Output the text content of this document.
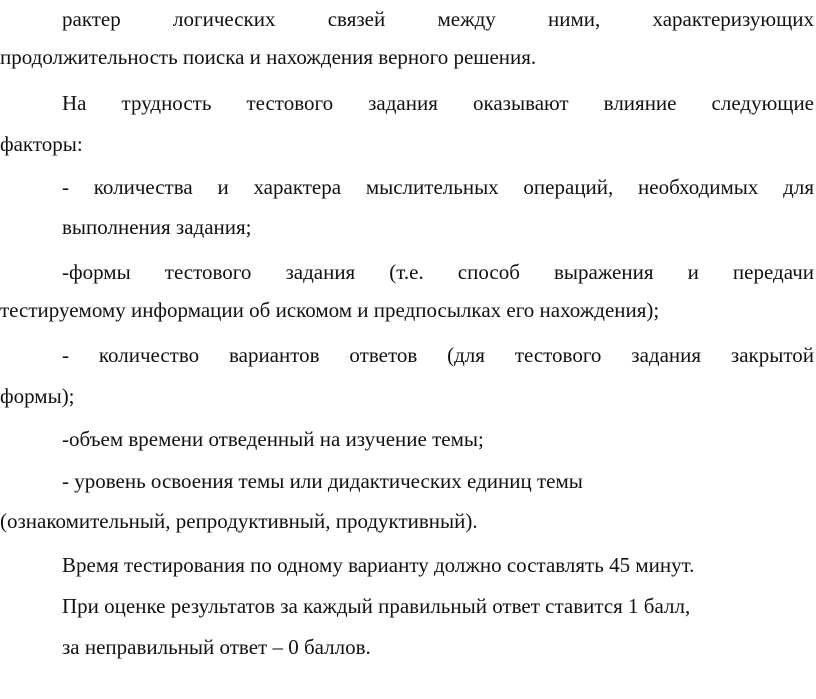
рактер логических связей между ними, характеризующих
продолжительность поиска и нахождения верного решения.
На трудность тестового задания оказывают влияние следующие
факторы:
- количества и характера мыслительных операций, необходимых для
выполнения задания;
-формы тестового задания (т.е. способ выражения и передачи
тестируемому информации об искомом и предпосылках его нахождения);
- количество вариантов ответов (для тестового задания закрытой
формы);
-объем времени отведенный на изучение темы;
- уровень освоения темы или дидактических единиц темы
(ознакомительный, репродуктивный, продуктивный).
Время тестирования по одному варианту должно составлять 45 минут.
При оценке результатов за каждый правильный ответ ставится 1 балл,
за неправильный ответ – 0 баллов.
